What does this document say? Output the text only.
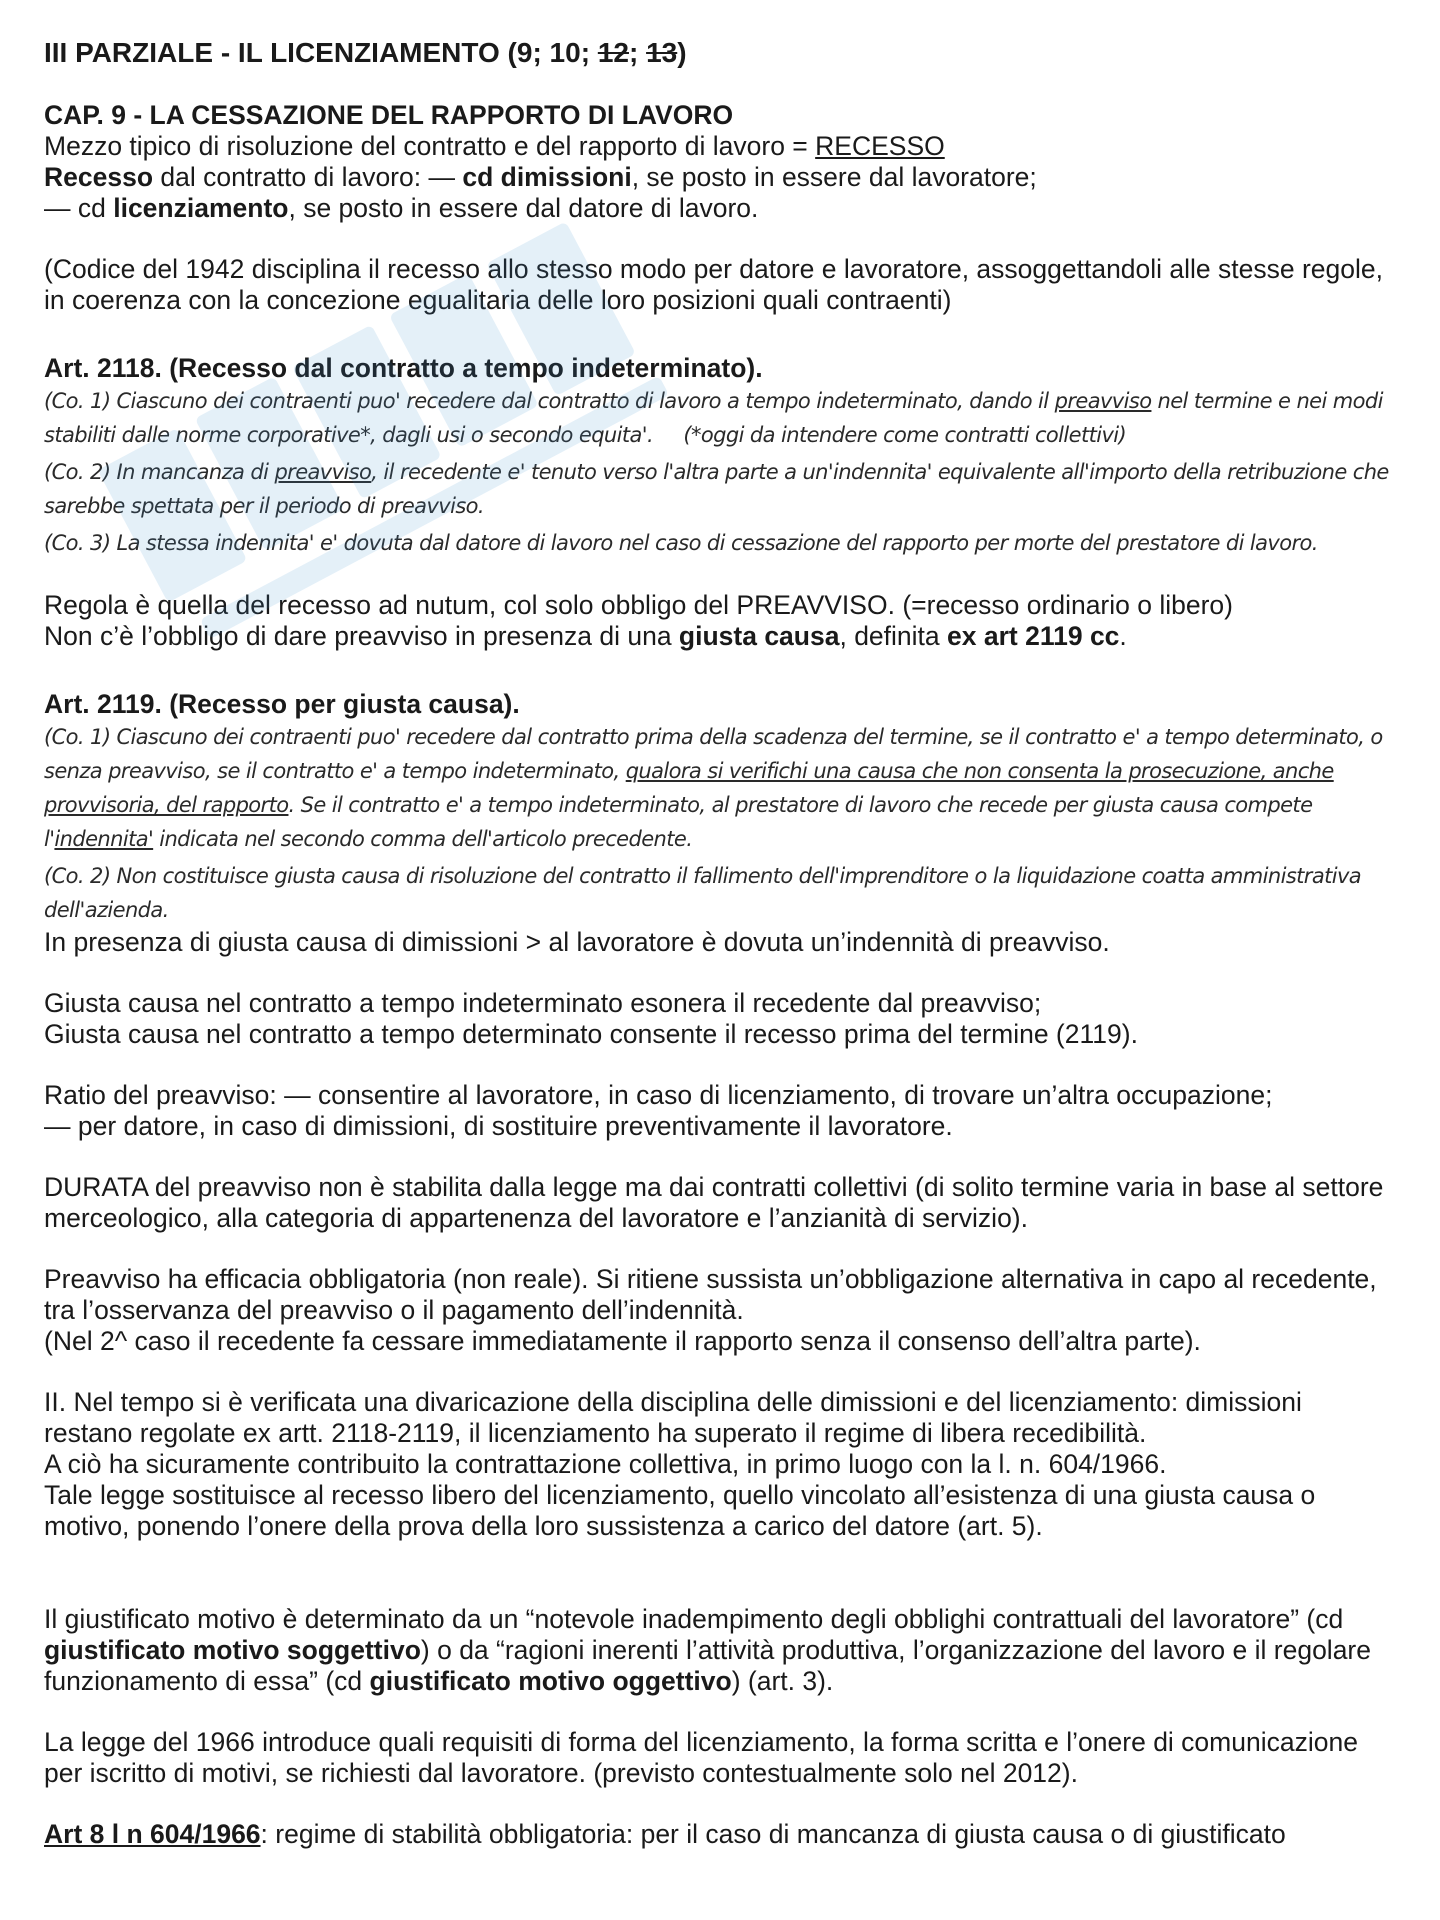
III PARZIALE - IL LICENZIAMENTO (9; 10; 12; 13)

CAP. 9 - LA CESSAZIONE DEL RAPPORTO DI LAVORO

Mezzo tipico di risoluzione del contratto e del rapporto di lavoro = RECESSO

Recesso dal contratto di lavoro: — cd dimissioni, se posto in essere dal lavoratore;

— cd licenziamento, se posto in essere dal datore di lavoro.

(Codice del 1942 disciplina il recesso allo stesso modo per datore e lavoratore, assoggettandoli alle stesse regole, in coerenza con la concezione egualitaria delle loro posizioni quali contraenti)

Art. 2118. (Recesso dal contratto a tempo indeterminato).

(Co. 1) Ciascuno dei contraenti puo' recedere dal contratto di lavoro a tempo indeterminato, dando il preavviso nel termine e nei modi stabiliti dalle norme corporative*, dagli usi o secondo equita'. (*oggi da intendere come contratti collettivi)

(Co. 2) In mancanza di preavviso, il recedente e' tenuto verso l'altra parte a un'indennita' equivalente all'importo della retribuzione che sarebbe spettata per il periodo di preavviso.

(Co. 3) La stessa indennita' e' dovuta dal datore di lavoro nel caso di cessazione del rapporto per morte del prestatore di lavoro.

Regola è quella del recesso ad nutum, col solo obbligo del PREAVVISO. (=recesso ordinario o libero)

Non c’è l’obbligo di dare preavviso in presenza di una giusta causa, definita ex art 2119 cc.

Art. 2119. (Recesso per giusta causa).

(Co. 1) Ciascuno dei contraenti puo' recedere dal contratto prima della scadenza del termine, se il contratto e' a tempo determinato, o senza preavviso, se il contratto e' a tempo indeterminato, qualora si verifichi una causa che non consenta la prosecuzione, anche provvisoria, del rapporto. Se il contratto e' a tempo indeterminato, al prestatore di lavoro che recede per giusta causa compete l'indennita' indicata nel secondo comma dell'articolo precedente.

(Co. 2) Non costituisce giusta causa di risoluzione del contratto il fallimento dell'imprenditore o la liquidazione coatta amministrativa dell'azienda.

In presenza di giusta causa di dimissioni > al lavoratore è dovuta un’indennità di preavviso.

Giusta causa nel contratto a tempo indeterminato esonera il recedente dal preavviso;

Giusta causa nel contratto a tempo determinato consente il recesso prima del termine (2119).

Ratio del preavviso: — consentire al lavoratore, in caso di licenziamento, di trovare un’altra occupazione;

— per datore, in caso di dimissioni, di sostituire preventivamente il lavoratore.

DURATA del preavviso non è stabilita dalla legge ma dai contratti collettivi (di solito termine varia in base al settore merceologico, alla categoria di appartenenza del lavoratore e l’anzianità di servizio).

Preavviso ha efficacia obbligatoria (non reale). Si ritiene sussista un’obbligazione alternativa in capo al recedente, tra l’osservanza del preavviso o il pagamento dell’indennità.

(Nel 2^ caso il recedente fa cessare immediatamente il rapporto senza il consenso dell’altra parte).

II. Nel tempo si è verificata una divaricazione della disciplina delle dimissioni e del licenziamento: dimissioni restano regolate ex artt. 2118-2119, il licenziamento ha superato il regime di libera recedibilità.

A ciò ha sicuramente contribuito la contrattazione collettiva, in primo luogo con la l. n. 604/1966.

Tale legge sostituisce al recesso libero del licenziamento, quello vincolato all’esistenza di una giusta causa o motivo, ponendo l’onere della prova della loro sussistenza a carico del datore (art. 5).

Il giustificato motivo è determinato da un “notevole inadempimento degli obblighi contrattuali del lavoratore” (cd giustificato motivo soggettivo) o da “ragioni inerenti l’attività produttiva, l’organizzazione del lavoro e il regolare funzionamento di essa” (cd giustificato motivo oggettivo) (art. 3).

La legge del 1966 introduce quali requisiti di forma del licenziamento, la forma scritta e l’onere di comunicazione per iscritto di motivi, se richiesti dal lavoratore. (previsto contestualmente solo nel 2012).

Art 8 l n 604/1966: regime di stabilità obbligatoria: per il caso di mancanza di giusta causa o di giustificato
